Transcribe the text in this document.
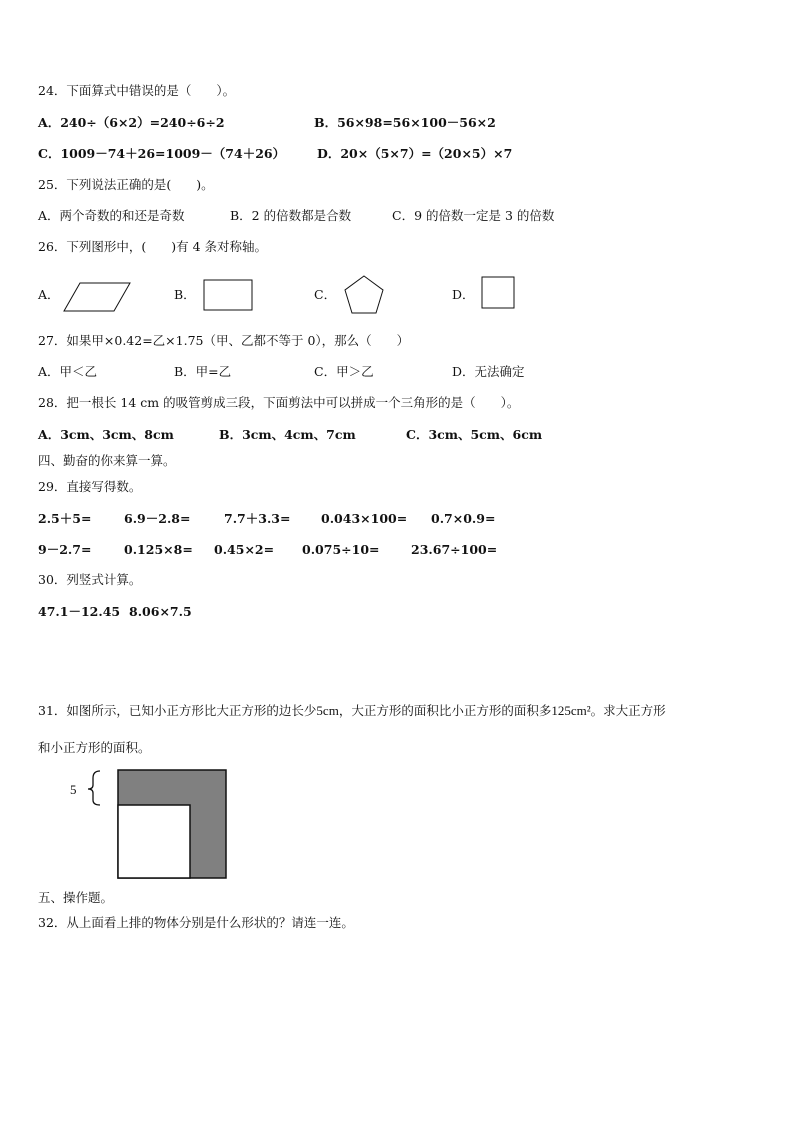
24．下面算式中错误的是（　　）。
A．240÷（6×2）=240÷6÷2	B．56×98=56×100－56×2
C．1009－74＋26=1009－（74＋26）	D．20×（5×7）=（20×5）×7
25．下列说法正确的是(　　)。
A．两个奇数的和还是奇数	B．2 的倍数都是合数	C．9 的倍数一定是 3 的倍数
26．下列图形中，(　　)有 4 条对称轴。
A．	B．	C．	D．
27．如果甲×0.42=乙×1.75（甲、乙都不等于 0），那么（　　）
A．甲＜乙	B．甲=乙	C．甲＞乙	D．无法确定
28．把一根长 14 cm 的吸管剪成三段，下面剪法中可以拼成一个三角形的是（　　）。
A．3cm、3cm、8cm	B．3cm、4cm、7cm	C．3cm、5cm、6cm
四、勤奋的你来算一算。
29．直接写得数。
2.5＋5=	6.9－2.8=	7.7＋3.3= 0.043×100= 0.7×0.9=
9－2.7=	0.125×8= 0.45×2= 0.075÷10=	23.67÷100=
30．列竖式计算。
47.1－12.45 8.06×7.5
31．如图所示，已知小正方形比大正方形的边长少5cm，大正方形的面积比小正方形的面积多125cm²。求大正方形
和小正方形的面积。
5
五、操作题。
32．从上面看上排的物体分别是什么形状的？请连一连。
